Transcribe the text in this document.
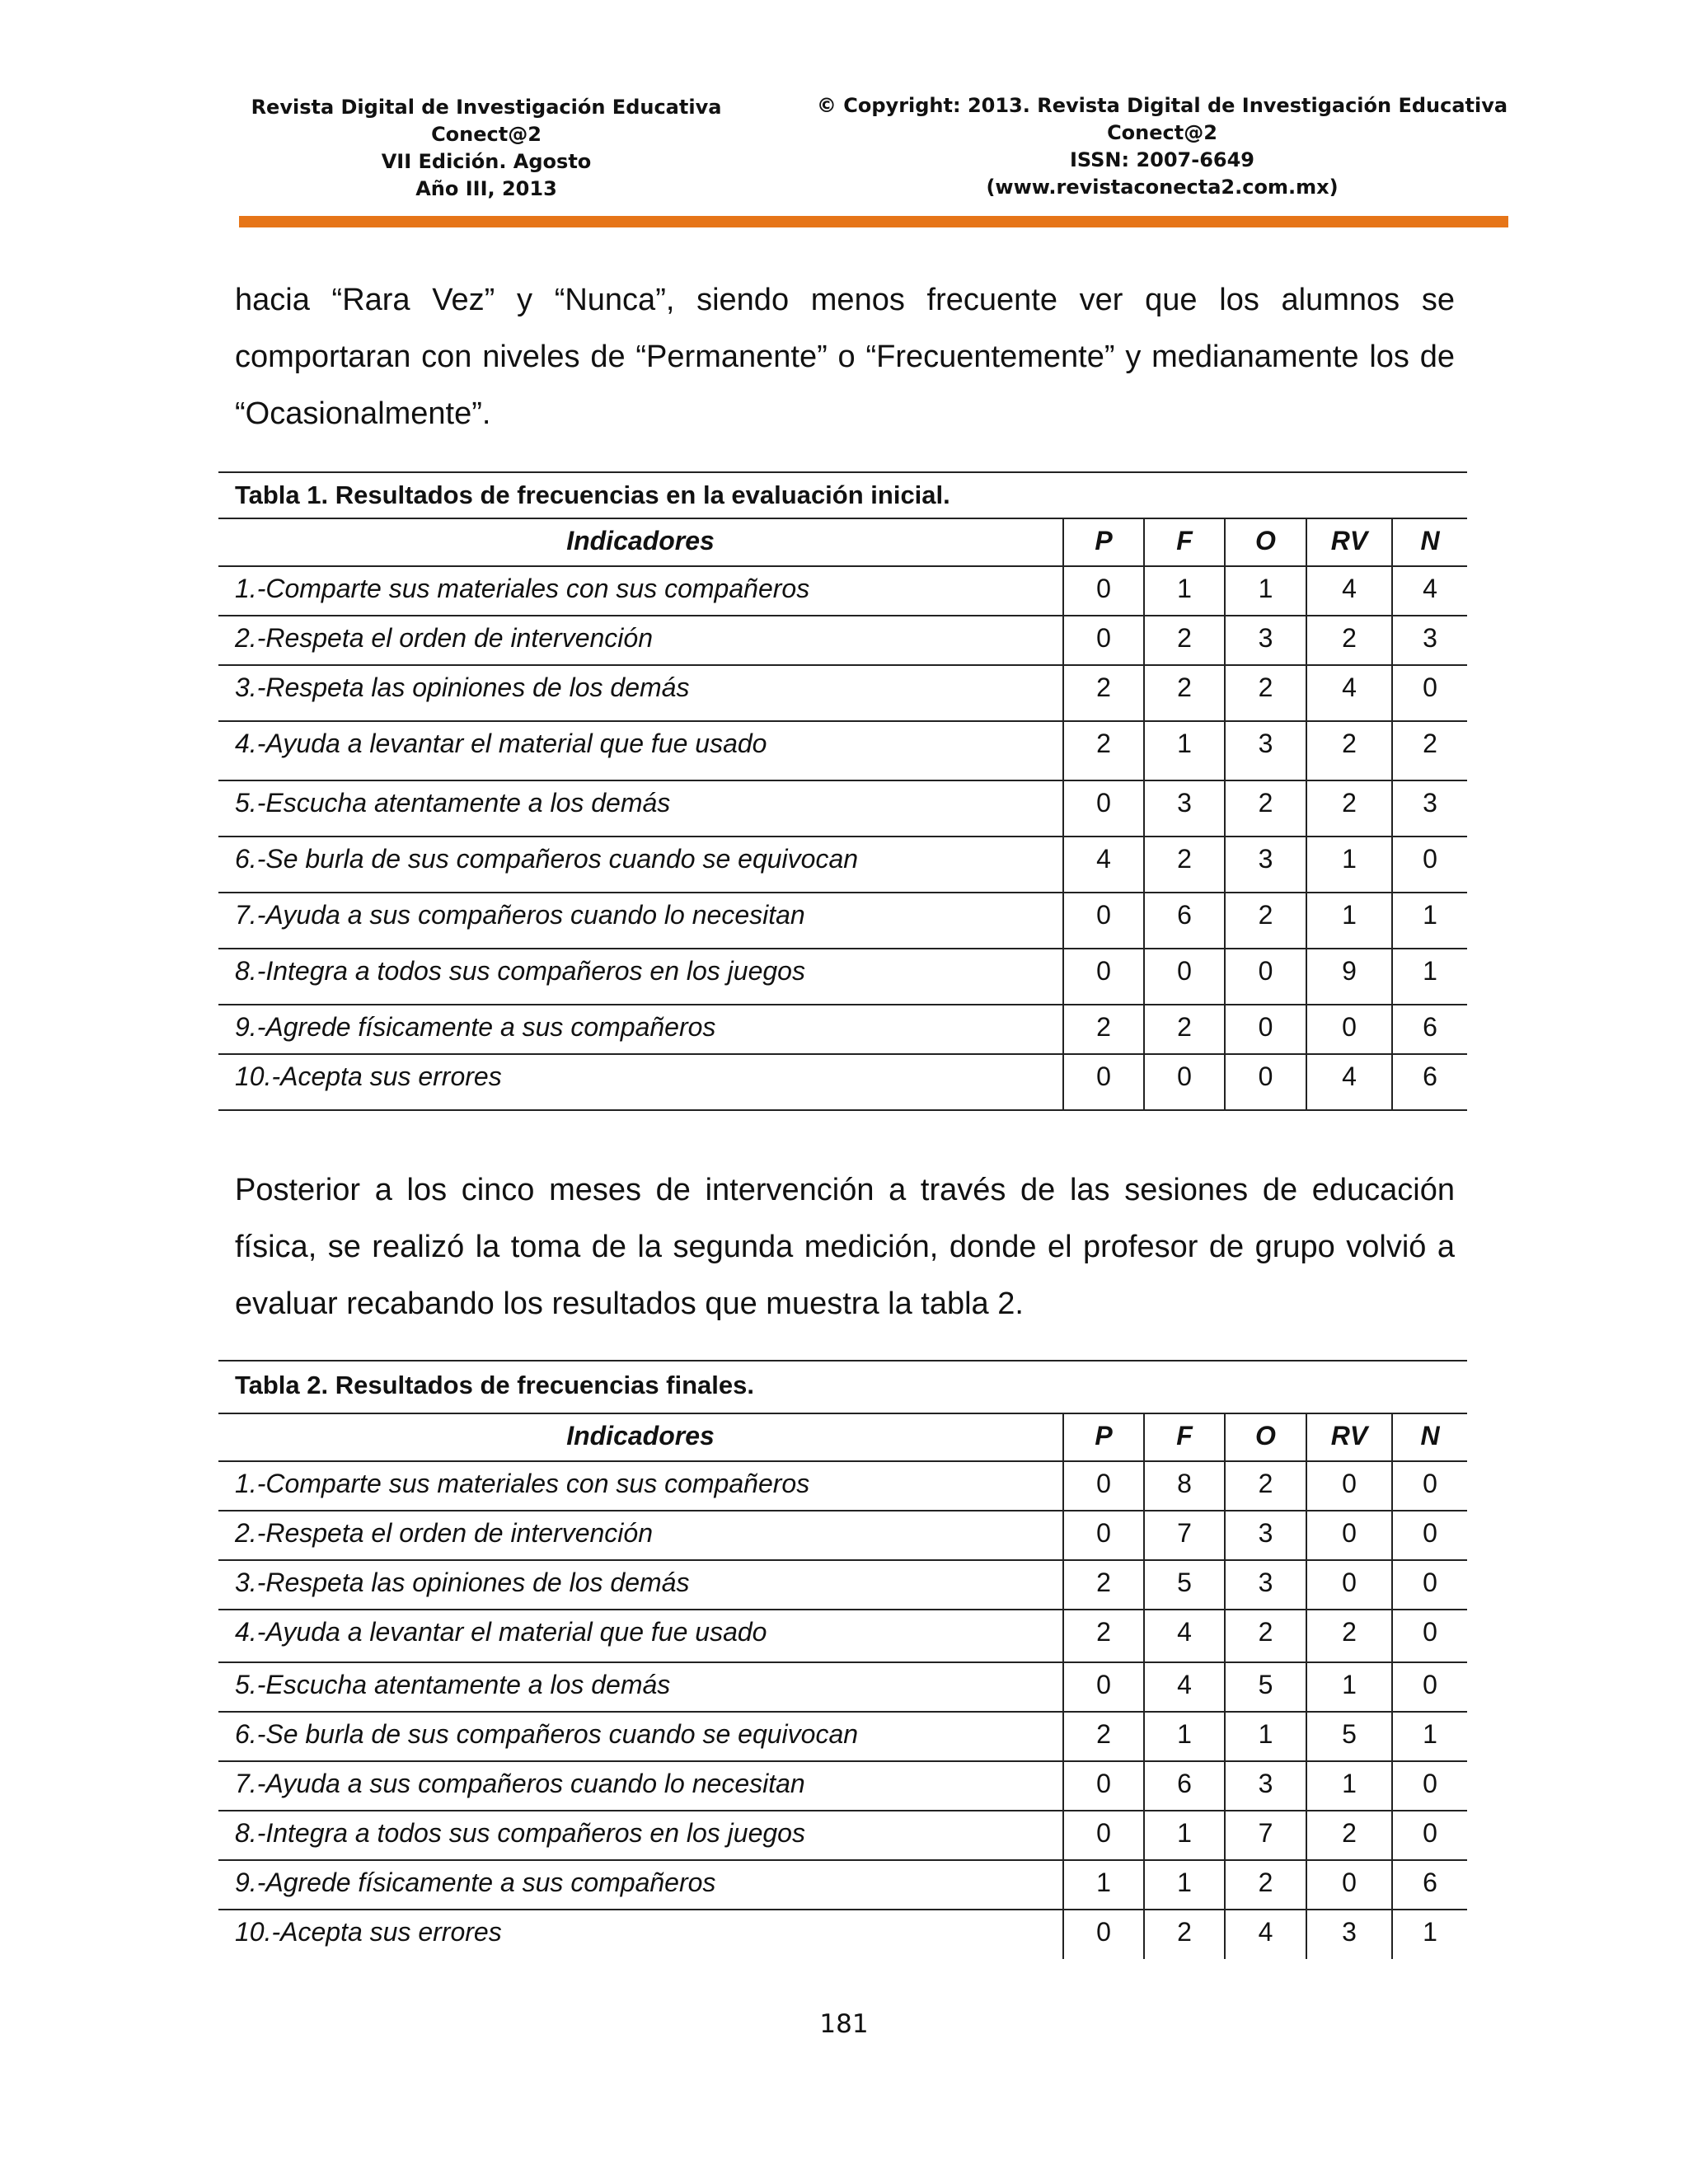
Revista Digital de Investigación Educativa
Conect@2
VII Edición. Agosto
Año III, 2013
© Copyright: 2013. Revista Digital de Investigación Educativa
Conect@2
ISSN: 2007-6649
(www.revistaconecta2.com.mx)
hacia “Rara Vez” y “Nunca”, siendo menos frecuente ver que los alumnos se comportaran con niveles de “Permanente” o “Frecuentemente” y medianamente los de “Ocasionalmente”.
Tabla 1. Resultados de frecuencias en la evaluación inicial.
Indicadores	P	F	O	RV	N
1.-Comparte sus materiales con sus compañeros	0	1	1	4	4
2.-Respeta el orden de intervención	0	2	3	2	3
3.-Respeta las opiniones de los demás	2	2	2	4	0
4.-Ayuda a levantar el material que fue usado	2	1	3	2	2
5.-Escucha atentamente a los demás	0	3	2	2	3
6.-Se burla de sus compañeros cuando se equivocan	4	2	3	1	0
7.-Ayuda a sus compañeros cuando lo necesitan	0	6	2	1	1
8.-Integra a todos sus compañeros en los juegos	0	0	0	9	1
9.-Agrede físicamente a sus compañeros	2	2	0	0	6
10.-Acepta sus errores	0	0	0	4	6
Posterior a los cinco meses de intervención a través de las sesiones de educación física, se realizó la toma de la segunda medición, donde el profesor de grupo volvió a evaluar recabando los resultados que muestra la tabla 2.
Tabla 2. Resultados de frecuencias finales.
Indicadores	P	F	O	RV	N
1.-Comparte sus materiales con sus compañeros	0	8	2	0	0
2.-Respeta el orden de intervención	0	7	3	0	0
3.-Respeta las opiniones de los demás	2	5	3	0	0
4.-Ayuda a levantar el material que fue usado	2	4	2	2	0
5.-Escucha atentamente a los demás	0	4	5	1	0
6.-Se burla de sus compañeros cuando se equivocan	2	1	1	5	1
7.-Ayuda a sus compañeros cuando lo necesitan	0	6	3	1	0
8.-Integra a todos sus compañeros en los juegos	0	1	7	2	0
9.-Agrede físicamente a sus compañeros	1	1	2	0	6
10.-Acepta sus errores	0	2	4	3	1
181
